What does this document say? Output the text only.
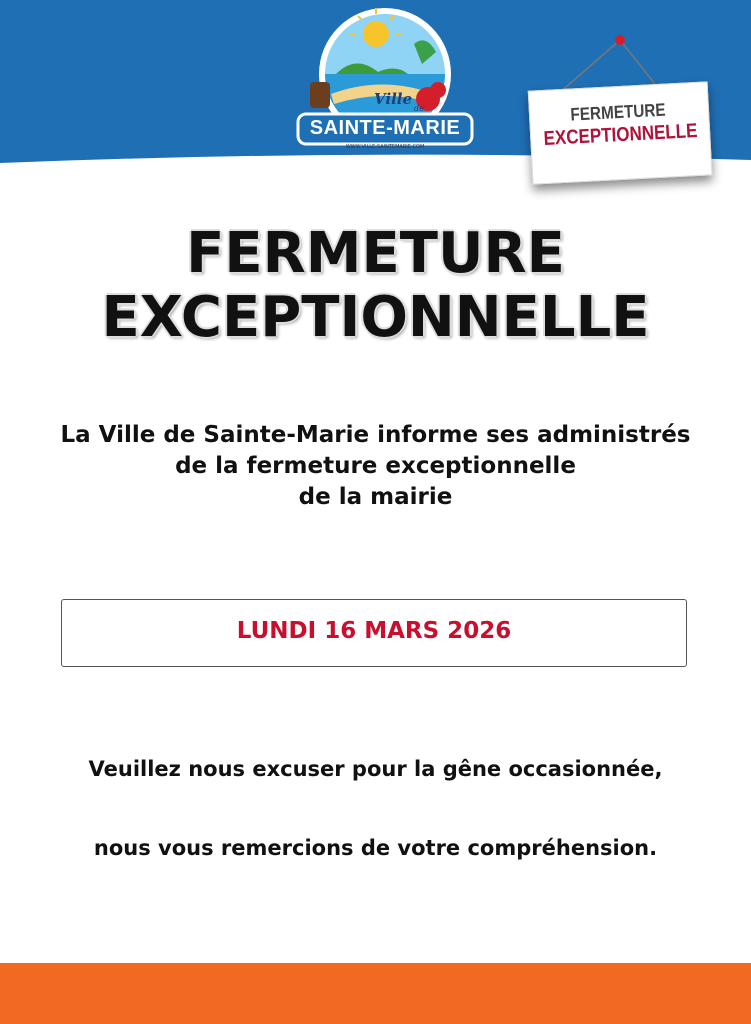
Ville
de
SAINTE-MARIE
WWW.VILLE-SAINTEMARIE.COM
FERMETURE
EXCEPTIONNELLE
FERMETURE
EXCEPTIONNELLE
La Ville de Sainte-Marie informe ses administrés
de la fermeture exceptionnelle
de la mairie
LUNDI 16 MARS 2026
Veuillez nous excuser pour la gêne occasionnée,
nous vous remercions de votre compréhension.
